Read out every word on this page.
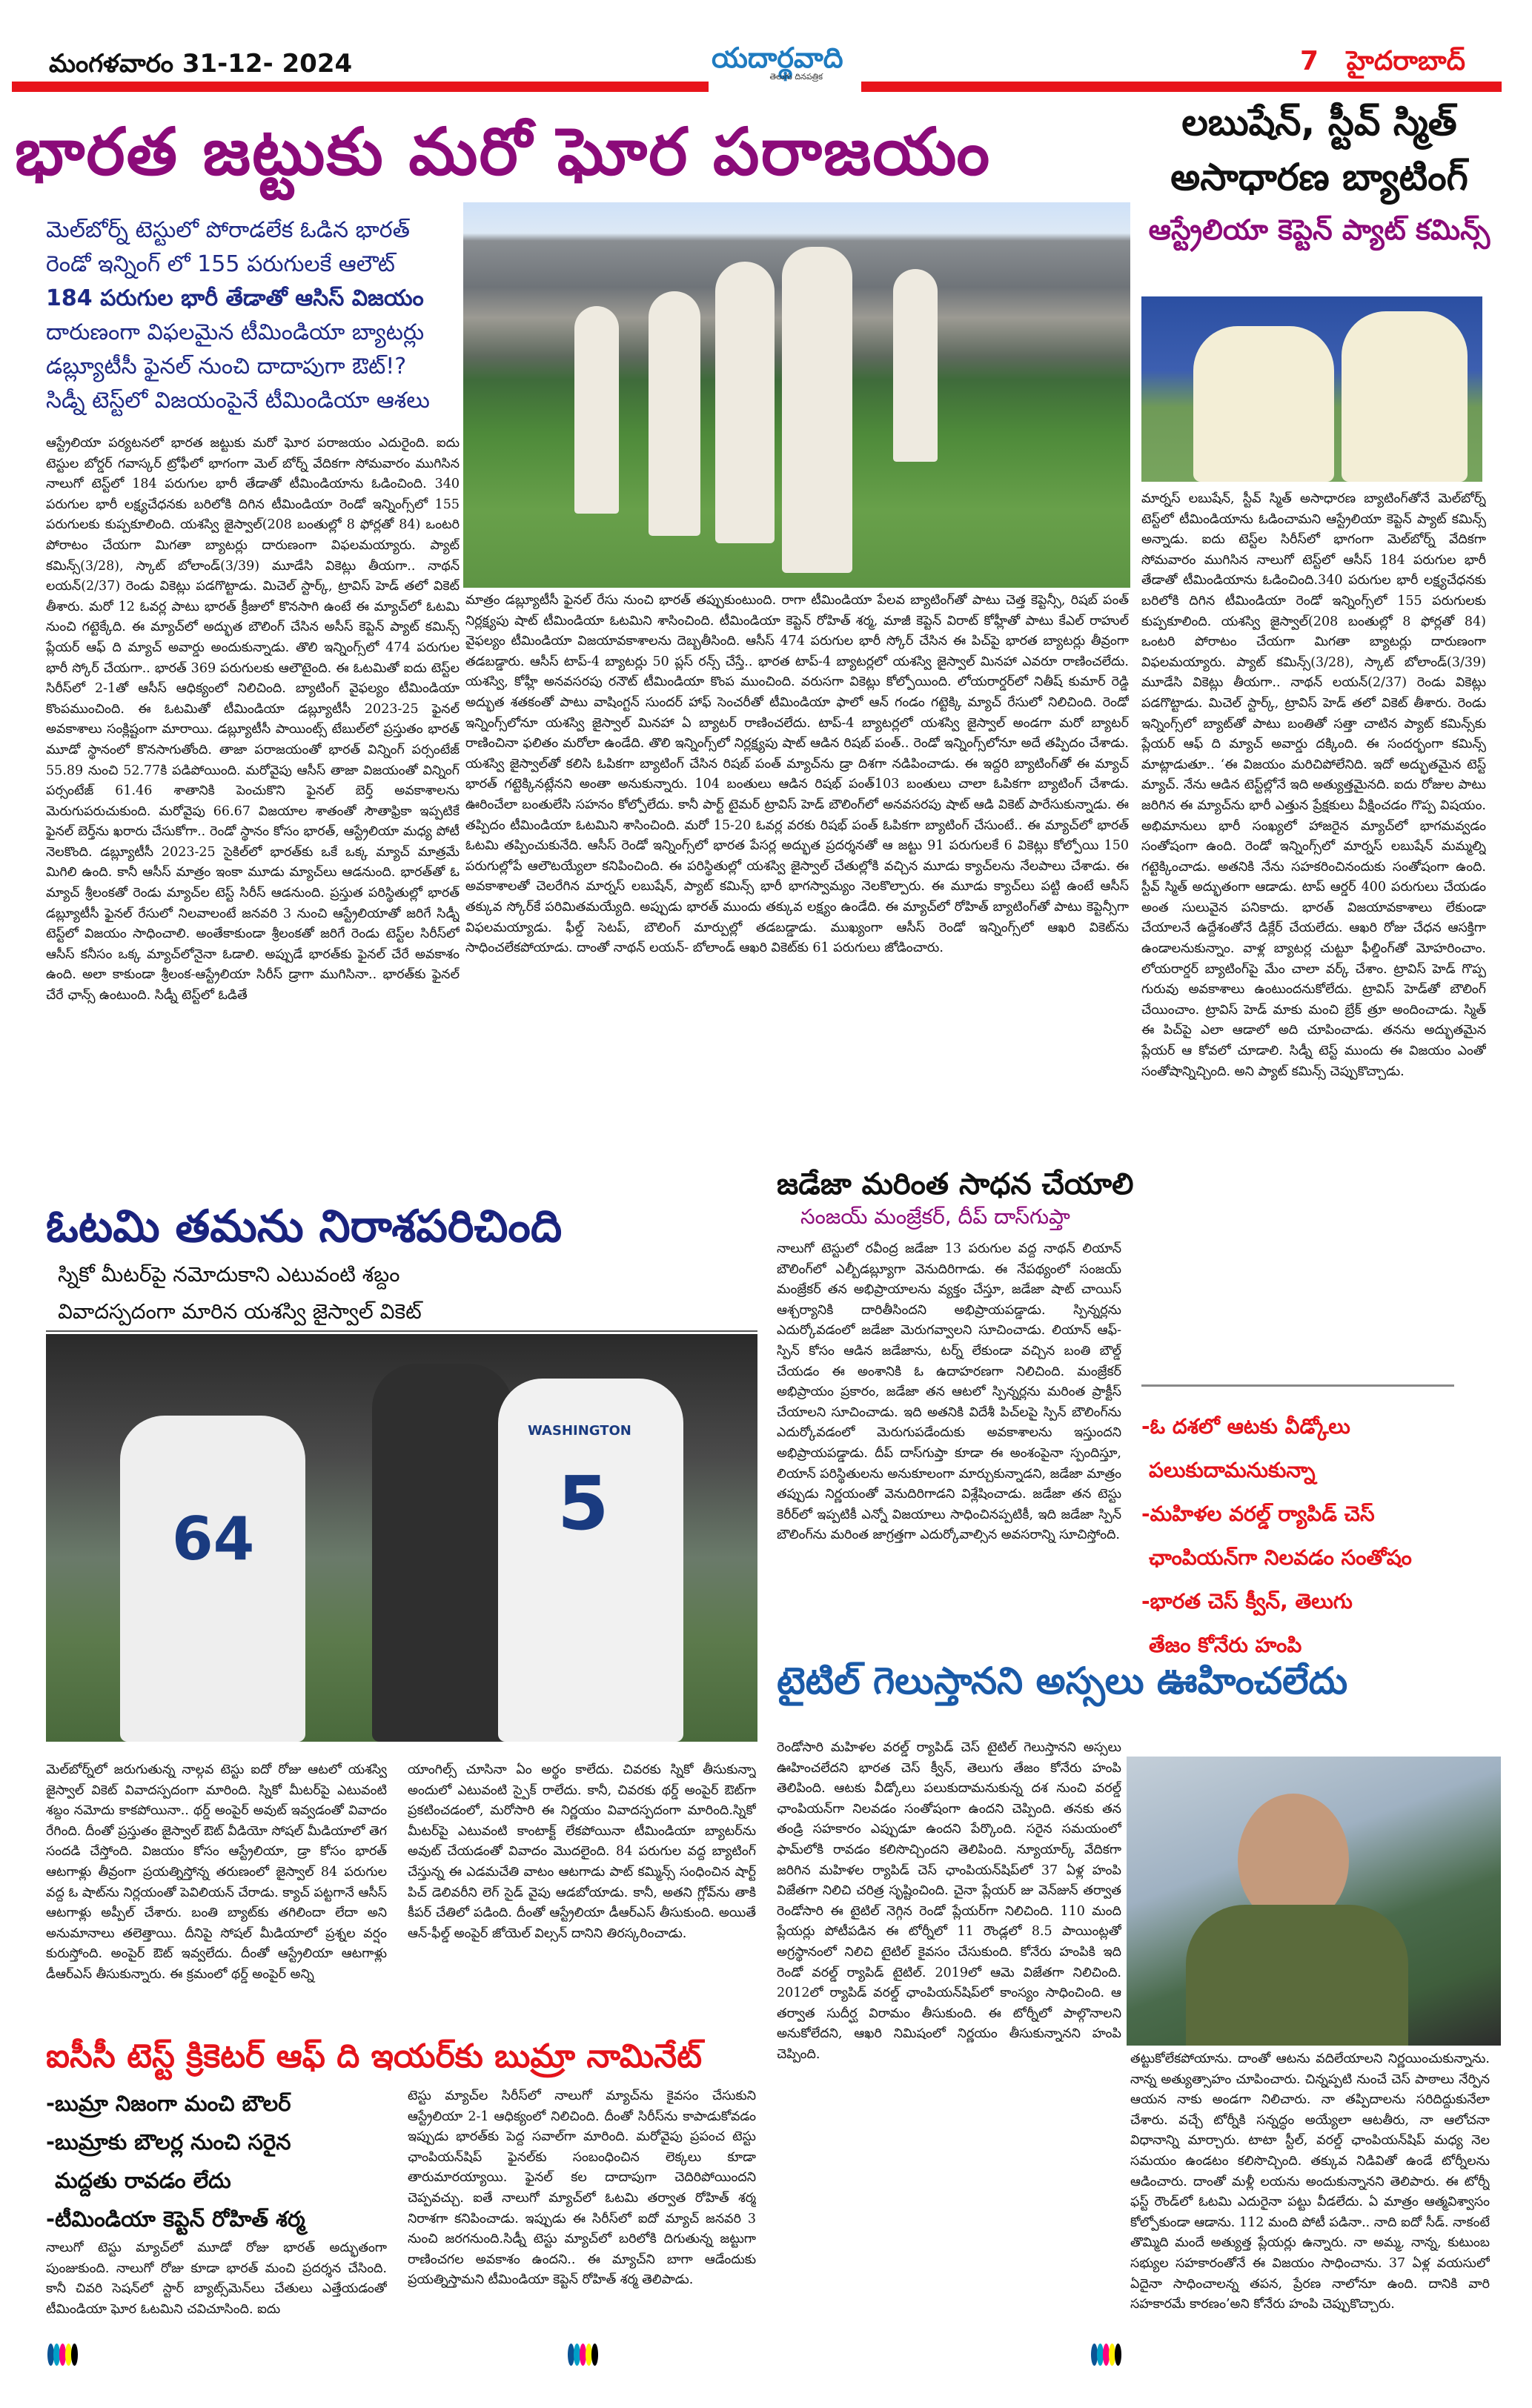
మంగళవారం 31-12- 2024	యదార్థవాది
తెలుగు దినపత్రిక
7 హైదరాబాద్
భారత జట్టుకు మరో ఘోర పరాజయం
మెల్‌బోర్న్ టెస్టులో పోరాడలేక ఓడిన భారత్
రెండో ఇన్నింగ్ లో 155 పరుగులకే ఆలౌట్
184 పరుగుల భారీ తేడాతో ఆసిస్ విజయం
దారుణంగా విఫలమైన టీమిండియా బ్యాటర్లు
డబ్ల్యూటీసీ ఫైనల్ నుంచి దాదాపుగా ఔట్!?
సిడ్నీ టెస్ట్‌లో విజయంపైనే టీమిండియా ఆశలు
ఆస్ట్రేలియా పర్యటనలో భారత జట్టుకు మరో ఘోర పరాజయం ఎదురైంది. ఐదు టెస్టుల బోర్డర్ గవాస్కర్ ట్రోఫీలో భాగంగా మెల్ బోర్న్ వేదికగా సోమవారం ముగిసిన నాలుగో టెస్ట్‌లో 184 పరుగుల భారీ తేడాతో టీమిండియాను ఓడించింది. 340 పరుగుల భారీ లక్ష్యచేధనకు బరిలోకి దిగిన టీమిండియా రెండో ఇన్నింగ్స్‌లో 155 పరుగులకు కుప్పకూలింది. యశస్వి జైస్వాల్(208 బంతుల్లో 8 ఫోర్లతో 84) ఒంటరి పోరాటం చేయగా మిగతా బ్యాటర్లు దారుణంగా విఫలమయ్యారు. ప్యాట్ కమిన్స్(3/28), స్కాట్ బోలాండ్(3/39) మూడేసి వికెట్లు తీయగా.. నాథన్ లయన్(2/37) రెండు వికెట్లు పడగొట్టాడు. మిచెల్ స్టార్క్, ట్రావిస్ హెడ్ తలో వికెట్ తీశారు. మరో 12 ఓవర్ల పాటు భారత్ క్రీజులో కొనసాగి ఉంటే ఈ మ్యాచ్‌లో ఓటమి నుంచి గట్టెక్కేది. ఈ మ్యాచ్‌లో అద్భుత బౌలింగ్ చేసిన అసీస్ కెప్టెన్ ప్యాట్ కమిన్స్ ప్లేయర్ ఆఫ్ ది మ్యాచ్ అవార్డు అందుకున్నాడు. తొలి ఇన్నింగ్స్‌లో 474 పరుగుల భారీ స్కోర్ చేయగా.. భారత్ 369 పరుగులకు ఆలౌటైంది. ఈ ఓటమితో ఐదు టెస్ట్‌ల సిరీస్‌లో 2-1తో ఆసీస్ ఆధిక్యంలో నిలిచింది. బ్యాటింగ్ వైఫల్యం టీమిండియా కొంపముంచింది. ఈ ఓటమితో టీమిండియా డబ్ల్యూటీసీ 2023-25 ఫైనల్ అవకాశాలు సంక్లిష్టంగా మారాయి. డబ్ల్యూటీసీ పాయింట్స్ టేబుల్‌లో ప్రస్తుతం భారత్ మూడో స్థానంలో కొనసాగుతోంది. తాజా పరాజయంతో భారత్ విన్నింగ్ పర్సంటేజ్ 55.89 నుంచి 52.77కి పడిపోయింది. మరోవైపు ఆసీస్ తాజా విజయంతో విన్నింగ్ పర్సంటేజ్ 61.46 శాతానికి పెంచుకొని ఫైనల్ బెర్త్ అవకాశాలను మెరుగుపరుచుకుంది. మరోవైపు 66.67 విజయాల శాతంతో సౌతాఫ్రికా ఇప్పటికే ఫైనల్ బెర్త్‌ను ఖరారు చేసుకోగా.. రెండో స్థానం కోసం భారత్, ఆస్ట్రేలియా మధ్య పోటీ నెలకొంది. డబ్ల్యూటీసీ 2023-25 సైకిల్‌లో భారత్‌కు ఒకే ఒక్క మ్యాచ్ మాత్రమే మిగిలి ఉంది. కానీ ఆసీస్ మాత్రం ఇంకా మూడు మ్యాచ్‌లు ఆడనుంది. భారత్‌తో ఓ మ్యాచ్ శ్రీలంకతో రెండు మ్యాచ్‌ల టెస్ట్ సిరీస్ ఆడనుంది. ప్రస్తుత పరిస్థితుల్లో భారత్ డబ్ల్యూటీసీ ఫైనల్ రేసులో నిలవాలంటే జనవరి 3 నుంచి ఆస్ట్రేలియాతో జరిగే సిడ్నీ టెస్ట్‌లో విజయం సాధించాలి. అంతేకాకుండా శ్రీలంకతో జరిగే రెండు టెస్ట్‌ల సిరీస్‌లో ఆసీస్ కనీసం ఒక్క మ్యాచ్‌లోనైనా ఓడాలి. అప్పుడే భారత్‌కు ఫైనల్ చేరే అవకాశం ఉంది. అలా కాకుండా శ్రీలంక-ఆస్ట్రేలియా సిరీస్ డ్రాగా ముగిసినా.. భారత్‌కు ఫైనల్ చేరే ఛాన్స్ ఉంటుంది. సిడ్నీ టెస్ట్‌లో ఓడితే
మాత్రం డబ్ల్యూటీసీ ఫైనల్ రేసు నుంచి భారత్ తప్పుకుంటుంది. రాగా టీమిండియా పేలవ బ్యాటింగ్‌తో పాటు చెత్త కెప్టెన్సీ, రిషబ్ పంత్ నిర్లక్ష్యపు షాట్ టీమిండియా ఓటమిని శాసించింది. టీమిండియా కెప్టెన్ రోహిత్ శర్మ, మాజీ కెప్టెన్ విరాట్ కోహ్లీతో పాటు కేఎల్ రాహుల్ వైఫల్యం టీమిండియా విజయావకాశాలను దెబ్బతీసింది. ఆసీస్ 474 పరుగుల భారీ స్కోర్ చేసిన ఈ పిచ్‌పై భారత బ్యాటర్లు తీవ్రంగా తడబడ్డారు. ఆసీస్ టాప్-4 బ్యాటర్లు 50 ప్లస్ రన్స్ చేస్తే.. భారత టాప్-4 బ్యాటర్లలో యశస్వి జైస్వాల్ మినహా ఎవరూ రాణించలేదు. యశస్వి, కోహ్లీ అనవసరపు రనౌట్ టీమిండియా కొంప ముంచింది. వరుసగా వికెట్లు కోల్పోయింది. లోయరార్డర్‌లో నితీష్ కుమార్ రెడ్డి అద్భుత శతకంతో పాటు వాషింగ్టన్ సుందర్ హాఫ్ సెంచరీతో టీమిండియా ఫాలో ఆన్ గండం గట్టెక్కి మ్యాచ్ రేసులో నిలిచింది. రెండో ఇన్నింగ్స్‌లోనూ యశస్వి జైస్వాల్ మినహా ఏ బ్యాటర్ రాణించలేదు. టాప్-4 బ్యాటర్లలో యశస్వి జైస్వాల్ అండగా మరో బ్యాటర్ రాణించినా ఫలితం మరోలా ఉండేది. తొలి ఇన్నింగ్స్‌లో నిర్లక్ష్యపు షాట్ ఆడిన రిషబ్ పంత్.. రెండో ఇన్నింగ్స్‌లోనూ అదే తప్పిదం చేశాడు. యశస్వి జైస్వాల్‌తో కలిసి ఓపికగా బ్యాటింగ్ చేసిన రిషబ్ పంత్ మ్యాచ్‌ను డ్రా దిశగా నడిపించాడు. ఈ ఇద్దరి బ్యాటింగ్‌తో ఈ మ్యాచ్ భారత్ గట్టెక్కినట్లేనని అంతా అనుకున్నారు. 104 బంతులు ఆడిన రిషభ్ పంత్103 బంతులు చాలా ఓపికగా బ్యాటింగ్ చేశాడు. ఊరించేలా బంతులేసి సహనం కోల్పోలేదు. కానీ పార్ట్ టైమర్ ట్రావిస్ హెడ్ బౌలింగ్‌లో అనవసరపు షాట్ ఆడి వికెట్ పారేసుకున్నాడు. ఈ తప్పిదం టీమిండియా ఓటమిని శాసించింది. మరో 15-20 ఓవర్ల వరకు రిషభ్ పంత్ ఓపికగా బ్యాటింగ్ చేసుంటే.. ఈ మ్యాచ్‌లో భారత్ ఓటమి తప్పించుకునేది. ఆసీస్ రెండో ఇన్నింగ్స్‌లో భారత పేసర్ల అద్భుత ప్రదర్శనతో ఆ జట్టు 91 పరుగులకే 6 వికెట్లు కోల్పోయి 150 పరుగుల్లోపే ఆలౌటయ్యేలా కనిపించింది. ఈ పరిస్థితుల్లో యశస్వి జైస్వాల్ చేతుల్లోకి వచ్చిన మూడు క్యాచ్‌లను నేలపాలు చేశాడు. ఈ అవకాశాలతో చెలరేగిన మార్నస్ లబుషేన్, ప్యాట్ కమిన్స్ భారీ భాగస్వామ్యం నెలకొల్పారు. ఈ మూడు క్యాచ్‌లు పట్టి ఉంటే ఆసీస్ తక్కువ స్కోర్‌కే పరిమితమయ్యేది. అప్పుడు భారత్ ముందు తక్కువ లక్ష్యం ఉండేది. ఈ మ్యాచ్‌లో రోహిత్ బ్యాటింగ్‌తో పాటు కెప్టెన్సీగా విఫలమయ్యాడు. ఫీల్డ్ సెటప్, బౌలింగ్ మార్పుల్లో తడబడ్డాడు. ముఖ్యంగా ఆసీస్ రెండో ఇన్నింగ్స్‌లో ఆఖరి వికెట్‌ను సాధించలేకపోయాడు. దాంతో నాథన్ లయన్- బోలాండ్ ఆఖరి వికెట్‌కు 61 పరుగులు జోడించారు.
లబుషేన్, స్టీవ్ స్మిత్
అసాధారణ బ్యాటింగ్
ఆస్ట్రేలియా కెప్టెన్ ప్యాట్ కమిన్స్
మార్నస్ లబుషేన్, స్టీవ్ స్మిత్ అసాధారణ బ్యాటింగ్‌తోనే మెల్‌బోర్న్ టెస్ట్‌లో టీమిండియాను ఓడించామని ఆస్ట్రేలియా కెప్టెన్ ప్యాట్ కమిన్స్ అన్నాడు. ఐదు టెస్ట్‌ల సిరీస్‌లో భాగంగా మెల్‌బోర్న్ వేదికగా సోమవారం ముగిసిన నాలుగో టెస్ట్‌లో ఆసీస్ 184 పరుగుల భారీ తేడాతో టీమిండియాను ఓడించింది.340 పరుగుల భారీ లక్ష్యచేధనకు బరిలోకి దిగిన టీమిండియా రెండో ఇన్నింగ్స్‌లో 155 పరుగులకు కుప్పకూలింది. యశస్వి జైస్వాల్(208 బంతుల్లో 8 ఫోర్లతో 84) ఒంటరి పోరాటం చేయగా మిగతా బ్యాటర్లు దారుణంగా విఫలమయ్యారు. ప్యాట్ కమిన్స్(3/28), స్కాట్ బోలాండ్(3/39) మూడేసి వికెట్లు తీయగా.. నాథన్ లయన్(2/37) రెండు వికెట్లు పడగొట్టాడు. మిచెల్ స్టార్క్, ట్రావిస్ హెడ్ తలో వికెట్ తీశారు. రెండు ఇన్నింగ్స్‌లో బ్యాట్‌తో పాటు బంతితో సత్తా చాటిన ప్యాట్ కమిన్స్‌కు ప్లేయర్ ఆఫ్ ది మ్యాచ్ అవార్డు దక్కింది. ఈ సందర్భంగా కమిన్స్ మాట్లాడుతూ.. ‘ఈ విజయం మరిచిపోలేనిది. ఇదో అద్భుతమైన టెస్ట్ మ్యాచ్. నేను ఆడిన టెస్ట్‌ల్లోనే ఇది అత్యుత్తమైనది. ఐదు రోజుల పాటు జరిగిన ఈ మ్యాచ్‌ను భారీ ఎత్తున ప్రేక్షకులు వీక్షించడం గొప్ప విషయం. అభిమానులు భారీ సంఖ్యలో హాజరైన మ్యాచ్‌లో భాగమవ్వడం సంతోషంగా ఉంది. రెండో ఇన్నింగ్స్‌లో మార్నస్ లబుషేన్ మమ్మల్ని గట్టెక్కించాడు. అతనికి నేను సహకరించినందుకు సంతోషంగా ఉంది. స్టీవ్ స్మిత్ అద్భుతంగా ఆడాడు. టాప్ ఆర్డర్ 400 పరుగులు చేయడం అంత సులువైన పనికాదు. భారత్ విజయావకాశాలు లేకుండా చేయాలనే ఉద్దేశంతోనే డిక్లేర్ చేయలేదు. ఆఖరి రోజు చేధన ఆసక్తిగా ఉండాలనుకున్నాం. వాళ్ల బ్యాటర్ల చుట్టూ ఫీల్డింగ్‌తో మోహరించాం. లోయరార్డర్ బ్యాటింగ్‌పై మేం చాలా వర్క్ చేశాం. ట్రావిస్ హెడ్ గొప్ప గురువు అవకాశాలు ఉంటుందనుకోలేదు. ట్రావిస్ హెడ్‌తో బౌలింగ్ చేయించాం. ట్రావిస్ హెడ్ మాకు మంచి బ్రేక్ త్రూ అందించాడు. స్మిత్ ఈ పిచ్‌పై ఎలా ఆడాలో అది చూపించాడు. తనను అద్భుతమైన ప్లేయర్ ఆ కోవలో చూడాలి. సిడ్నీ టెస్ట్ ముందు ఈ విజయం ఎంతో సంతోషాన్నిచ్చింది. అని ప్యాట్ కమిన్స్ చెప్పుకొచ్చాడు.
ఓటమి తమను నిరాశపరిచింది
స్నికో మీటర్‌పై నమోదుకాని ఎటువంటి శబ్దం
వివాదస్పదంగా మారిన యశస్వి జైస్వాల్ వికెట్
64
WASHINGTON
5
మెల్‌బోర్న్‌లో జరుగుతున్న నాల్గవ టెస్టు ఐదో రోజు ఆటలో యశస్వి జైస్వాల్ వికెట్ వివాదస్పదంగా మారింది. స్నికో మీటర్‌పై ఎటువంటి శబ్దం నమోదు కాకపోయినా.. థర్డ్ అంపైర్ అవుట్ ఇవ్వడంతో వివాదం రేగింది. దీంతో ప్రస్తుతం జైస్వాల్ ఔట్ వీడియో సోషల్ మీడియాలో తెగ సందడి చేస్తోంది. విజయం కోసం ఆస్ట్రేలియా, డ్రా కోసం భారత్ ఆటగాళ్లు తీవ్రంగా ప్రయత్నిస్తోన్న తరుణంలో జైస్వాల్ 84 పరుగుల వద్ద ఓ షాట్‌ను నిర్లయంతో పెవిలియన్ చేరాడు. క్యాచ్ పట్టగానే ఆసీస్ ఆటగాళ్లు అప్పీల్ చేశారు. బంతి బ్యాట్‌కు తగిలిందా లేదా అని అనుమానాలు తలెత్తాయి. దీనిపై సోషల్ మీడియాలో ప్రశ్నల వర్షం కురుస్తోంది. అంపైర్ ఔట్ ఇవ్వలేదు. దీంతో ఆస్ట్రేలియా ఆటగాళ్లు డీఆర్ఎస్ తీసుకున్నారు. ఈ క్రమంలో థర్డ్ అంపైర్ అన్ని
యాంగిల్స్ చూసినా ఏం అర్థం కాలేదు. చివరకు స్నికో తీసుకున్నా అందులో ఎటువంటి స్పైక్ రాలేదు. కానీ, చివరకు థర్డ్ అంపైర్ ఔట్‌గా ప్రకటించడంలో, మరోసారి ఈ నిర్ణయం వివాదస్పదంగా మారింది.స్నికో మీటర్‌పై ఎటువంటి కాంటాక్ట్ లేకపోయినా టీమిండియా బ్యాటర్‌ను అవుట్ చేయడంతో వివాదం మొదలైంది. 84 పరుగుల వద్ద బ్యాటింగ్ చేస్తున్న ఈ ఎడమచేతి వాటం ఆటగాడు పాట్ కమ్మిన్స్ సంధించిన షార్ట్ పిచ్ డెలివరీని లెగ్ సైడ్ వైపు ఆడబోయాడు. కానీ, అతని గ్లోవ్‌ను తాకి కీపర్ చేతిలో పడింది. దీంతో ఆస్ట్రేలియా డీఆర్ఎస్ తీసుకుంది. అయితే ఆన్-ఫీల్డ్ అంపైర్ జోయెల్ విల్సన్ దానిని తిరస్కరించాడు.
జడేజా మరింత సాధన చేయాలి
సంజయ్ మంజ్రేకర్, దీప్ దాస్‌గుప్తా
నాలుగో టెస్టులో రవీంద్ర జడేజా 13 పరుగుల వద్ద నాథన్ లియాన్ బౌలింగ్‌లో ఎల్బీడబ్ల్యూగా వెనుదిరిగాడు. ఈ నేపథ్యంలో సంజయ్ మంజ్రేకర్ తన అభిప్రాయాలను వ్యక్తం చేస్తూ, జడేజా షాట్ చాయిస్ ఆశ్చర్యానికి దారితీసిందని అభిప్రాయపడ్డాడు. స్పిన్నర్లను ఎదుర్కోవడంలో జడేజా మెరుగవ్వాలని సూచించాడు. లియాన్ ఆఫ్-స్పిన్ కోసం ఆడిన జడేజాను, టర్న్ లేకుండా వచ్చిన బంతి బౌల్డ్ చేయడం ఈ అంశానికి ఓ ఉదాహరణగా నిలిచింది. మంజ్రేకర్ అభిప్రాయం ప్రకారం, జడేజా తన ఆటలో స్పిన్నర్లను మరింత ప్రాక్టీస్ చేయాలని సూచించాడు. ఇది అతనికి విదేశీ పిచ్‌లపై స్పిన్ బౌలింగ్‌ను ఎదుర్కోవడంలో మెరుగుపడేందుకు అవకాశాలను ఇస్తుందని అభిప్రాయపడ్డాడు. దీప్ దాస్‌గుప్తా కూడా ఈ అంశంపైనా స్పందిస్తూ, లియాన్ పరిస్థితులను అనుకూలంగా మార్చుకున్నాడని, జడేజా మాత్రం తప్పుడు నిర్ణయంతో వెనుదిరిగాడని విశ్లేషించాడు. జడేజా తన టెస్టు కెరీర్‌లో ఇప్పటికీ ఎన్నో విజయాలు సాధించినప్పటికీ, ఇది జడేజా స్పిన్ బౌలింగ్‌ను మరింత జాగ్రత్తగా ఎదుర్కోవాల్సిన అవసరాన్ని సూచిస్తోంది.
-ఓ దశలో ఆటకు వీడ్కోలు
పలుకుదామనుకున్నా
-మహిళల వరల్డ్ ర్యాపిడ్ చెస్
ఛాంపియన్‌గా నిలవడం సంతోషం
-భారత చెస్ క్వీన్, తెలుగు
తేజం కోనేరు హంపి
టైటిల్ గెలుస్తానని అస్సలు ఊహించలేదు
రెండోసారి మహిళల వరల్డ్ ర్యాపిడ్ చెస్ టైటిల్ గెలుస్తానని అస్సలు ఊహించలేదని భారత చెస్ క్వీన్, తెలుగు తేజం కోనేరు హంపి తెలిపింది. ఆటకు వీడ్కోలు పలుకుదామనుకున్న దశ నుంచి వరల్డ్ ఛాంపియన్‌గా నిలవడం సంతోషంగా ఉందని చెప్పింది. తనకు తన తండ్రి సహకారం ఎప్పుడూ ఉందని పేర్కొంది. సరైన సమయంలో ఫామ్‌లోకి రావడం కలిసొచ్చిందని తెలిపింది. న్యూయార్క్ వేదికగా జరిగిన మహిళల ర్యాపిడ్ చెస్ ఛాంపియన్‌షిప్‌లో 37 ఏళ్ల హంపి విజేతగా నిలిచి చరిత్ర సృష్టించింది. చైనా ప్లేయర్ జు వెన్‌జున్ తర్వాత రెండోసారి ఈ టైటిల్ నెగ్గిన రెండో ప్లేయర్‌గా నిలిచింది. 110 మంది ప్లేయర్లు పోటీపడిన ఈ టోర్నీలో 11 రౌండ్లలో 8.5 పాయింట్లతో అగ్రస్థానంలో నిలిచి టైటిల్ కైవసం చేసుకుంది. కోనేరు హంపికి ఇది రెండో వరల్డ్ ర్యాపిడ్ టైటిల్. 2019లో ఆమె విజేతగా నిలిచింది. 2012లో ర్యాపిడ్ వరల్డ్ ఛాంపియన్‌షిప్‌లో కాంస్యం సాధించింది. ఆ తర్వాత సుదీర్ఘ విరామం తీసుకుంది. ఈ టోర్నీలో పాల్గొనాలని అనుకోలేదని, ఆఖరి నిమిషంలో నిర్ణయం తీసుకున్నానని హంపి చెప్పింది.	తట్టుకోలేకపోయాను. దాంతో ఆటను వదిలేయాలని నిర్ణయించుకున్నాను. నాన్న అత్యుత్సాహం చూపించారు. చిన్నప్పటి నుంచే చెస్ పాఠాలు నేర్పిన ఆయన నాకు అండగా నిలిచారు. నా తప్పిదాలను సరిదిద్దుకునేలా చేశారు. వచ్చే టోర్నీకి సన్నద్ధం అయ్యేలా ఆటతీరు, నా ఆలోచనా విధానాన్ని మార్చారు. టాటా స్టీల్, వరల్డ్ ఛాంపియన్‌షిప్ మధ్య నెల సమయం ఉండటం కలిసొచ్చింది. తక్కువ నిడివితో ఉండే టోర్నీలను ఆడించారు. దాంతో మళ్లీ లయను అందుకున్నానని తెలిపారు. ఈ టోర్నీ ఫస్ట్ రౌండ్‌లో ఓటమి ఎదురైనా పట్టు వీడలేదు. ఏ మాత్రం ఆత్మవిశ్వాసం కోల్పోకుండా ఆడాను. 112 మంది పోటీ పడినా.. నాది ఐదో సీడ్. నాకంటే తొమ్మిది మందే అత్యుత్త ప్లేయర్లు ఉన్నారు. నా అమ్మ, నాన్న, కుటుంబ సభ్యుల సహకారంతోనే ఈ విజయం సాధించాను. 37 ఏళ్ల వయసులో ఏదైనా సాధించాలన్న తపన, ప్రేరణ నాలోనూ ఉంది. దానికి వారి సహకారమే కారణం’అని కోనేరు హంపి చెప్పుకొచ్చారు.
ఐసీసీ టెస్ట్ క్రికెటర్ ఆఫ్ ది ఇయర్‌కు బుమ్రా నామినేట్
-బుమ్రా నిజంగా మంచి బౌలర్
-బుమ్రాకు బౌలర్ల నుంచి సరైన
మద్దతు రావడం లేదు
-టీమిండియా కెప్టెన్ రోహిత్ శర్మ
నాలుగో టెస్టు మ్యాచ్‌లో మూడో రోజు భారత్ అద్భుతంగా పుంజుకుంది. నాలుగో రోజు కూడా భారత్ మంచి ప్రదర్శన చేసింది. కానీ చివరి సెషన్‌లో స్టార్ బ్యాట్స్‌మెన్‌లు చేతులు ఎత్తేయడంతో టీమిండియా ఘోర ఓటమిని చవిచూసింది. ఐదు
టెస్టు మ్యాచ్‌ల సిరీస్‌లో నాలుగో మ్యాచ్‌ను కైవసం చేసుకుని ఆస్ట్రేలియా 2-1 ఆధిక్యంలో నిలిచింది. దీంతో సిరీస్‌ను కాపాడుకోవడం ఇప్పుడు భారత్‌కు పెద్ద సవాల్‌గా మారింది. మరోవైపు ప్రపంచ టెస్టు ఛాంపియన్‌షిప్ ఫైనల్‌కు సంబంధించిన లెక్కలు కూడా తారుమారయ్యాయి. ఫైనల్ కల దాదాపుగా చెదిరిపోయిందని చెప్పవచ్చు. ఐతే నాలుగో మ్యాచ్‌లో ఓటమి తర్వాత రోహిత్ శర్మ నిరాశగా కనిపించాడు. ఇప్పుడు ఈ సిరీస్‌లో ఐదో మ్యాచ్ జనవరి 3 నుంచి జరగనుంది.సిడ్నీ టెస్టు మ్యాచ్‌లో బరిలోకి దిగుతున్న జట్టుగా రాణించగల అవకాశం ఉందని.. ఈ మ్యాచ్‌ని బాగా ఆడేందుకు ప్రయత్నిస్తామని టీమిండియా కెప్టెన్ రోహిత్ శర్మ తెలిపాడు.
